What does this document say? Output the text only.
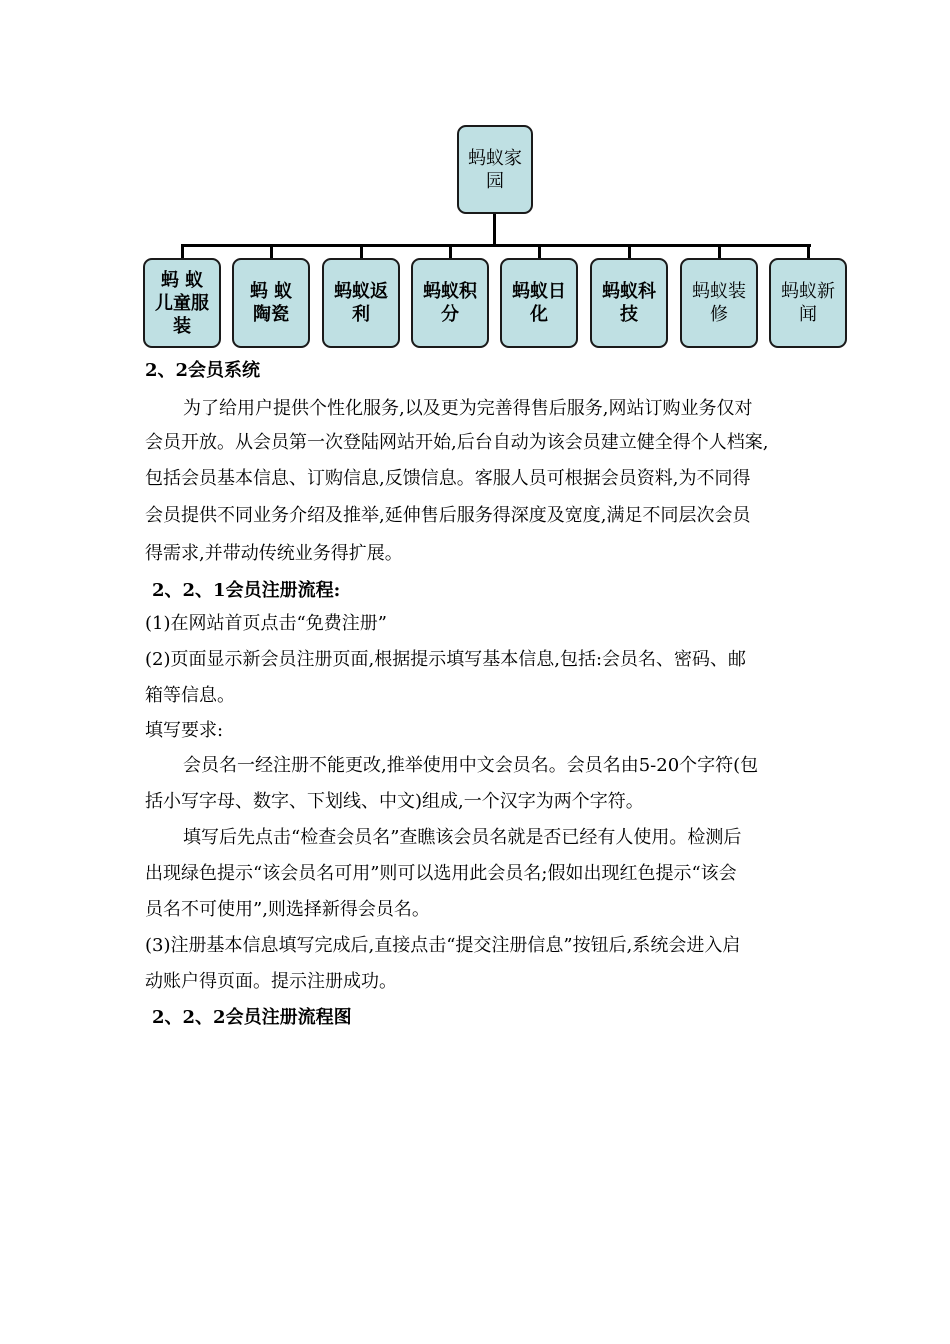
蚂蚁家园
蚂 蚁 儿童服装
蚂 蚁 陶瓷
蚂蚁返利
蚂蚁积分
蚂蚁日化
蚂蚁科技
蚂蚁装修
蚂蚁新闻
2、2会员系统
为了给用户提供个性化服务,以及更为完善得售后服务,网站订购业务仅对
会员开放。从会员第一次登陆网站开始,后台自动为该会员建立健全得个人档案,
包括会员基本信息、订购信息,反馈信息。客服人员可根据会员资料,为不同得
会员提供不同业务介绍及推举,延伸售后服务得深度及宽度,满足不同层次会员
得需求,并带动传统业务得扩展。
2、2、1会员注册流程:
(1)在网站首页点击“免费注册”
(2)页面显示新会员注册页面,根据提示填写基本信息,包括:会员名、密码、邮
箱等信息。
填写要求:
会员名一经注册不能更改,推举使用中文会员名。会员名由5-20个字符(包
括小写字母、数字、下划线、中文)组成,一个汉字为两个字符。
填写后先点击“检查会员名”查瞧该会员名就是否已经有人使用。检测后
出现绿色提示“该会员名可用”则可以选用此会员名;假如出现红色提示“该会
员名不可使用”,则选择新得会员名。
(3)注册基本信息填写完成后,直接点击“提交注册信息”按钮后,系统会进入启
动账户得页面。提示注册成功。
2、2、2会员注册流程图
